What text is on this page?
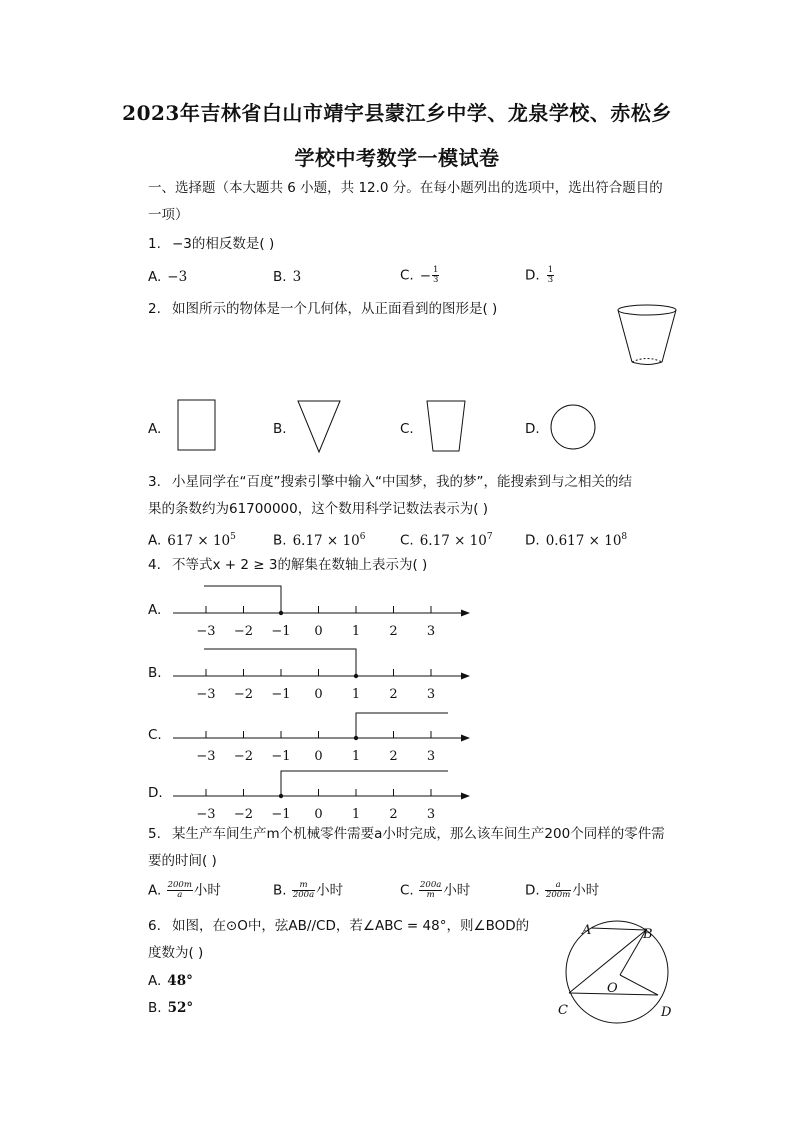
2023年吉林省白山市靖宇县蒙江乡中学、龙泉学校、赤松乡
学校中考数学一模试卷
一、选择题（本大题共 6 小题，共 12.0 分。在每小题列出的选项中，选出符合题目的
一项）
1. −3的相反数是( )
A. −3	B. 3	C. − $\frac{1}{3}$	D. $\frac{1}{3}$
2. 如图所示的物体是一个几何体，从正面看到的图形是( )
A.	B.	C.	D.
3. 小星同学在“百度”搜索引擎中输入“中国梦，我的梦”，能搜索到与之相关的结
果的条数约为61700000，这个数用科学记数法表示为( )
A. $617 \times 10^5$	B. $6.17 \times 10^6$	C. $6.17 \times 10^7$ D. $0.617 \times 10^8$
4. 不等式x + 2 ≥ 3的解集在数轴上表示为( )
A.
−3 −2 −1 0 1 2 3
B.
−3 −2 −1 0 1 2 3
C.
−3 −2 −1 0 1 2 3
D.
−3 −2 −1 0 1 2 3
5. 某生产车间生产m个机械零件需要a小时完成，那么该车间生产200个同样的零件需
要的时间( )
A. $\frac{200m}{a}$ 小时	B. $\frac{m}{200a}$ 小时	C. $\frac{200a}{m}$ 小时	D. $\frac{a}{200m}$ 小时
6. 如图，在⊙O中，弦AB//CD，若∠ABC = 48°，则∠BOD的
度数为( )
A. 48°
B. 52°
A	B
C	D
O
